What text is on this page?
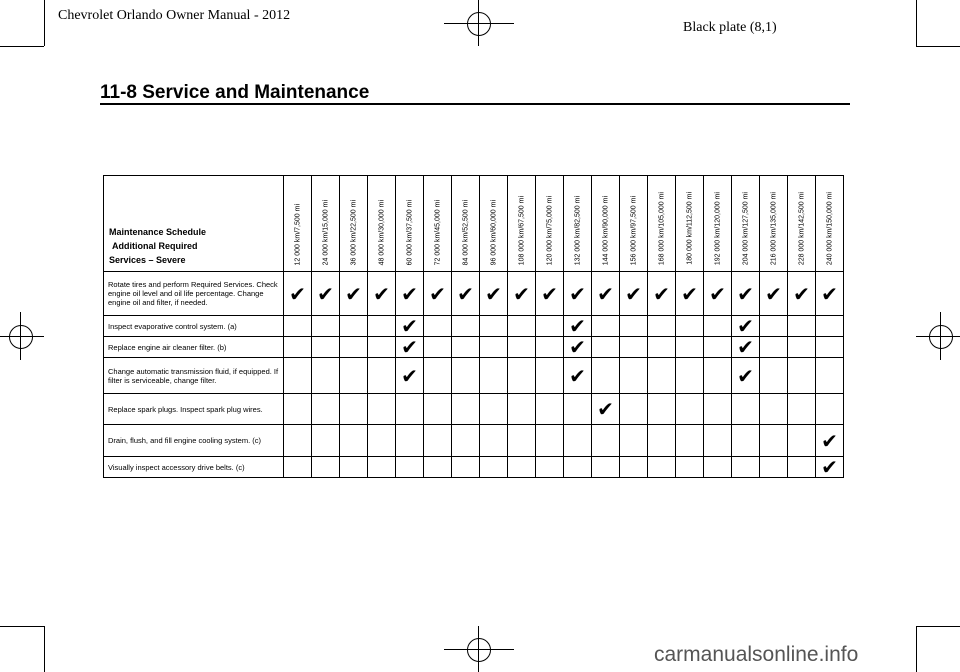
Chevrolet Orlando Owner Manual - 2012
Black plate (8,1)
11-8 Service and Maintenance
Maintenance Schedule
Additional Required
Services – Severe	12 000 km/7,500 mi	24 000 km/15,000 mi	36 000 km/22,500 mi	48 000 km/30,000 mi	60 000 km/37,500 mi	72 000 km/45,000 mi	84 000 km/52,500 mi	96 000 km/60,000 mi	108 000 km/67,500 mi	120 000 km/75,000 mi	132 000 km/82,500 mi	144 000 km/90,000 mi	156 000 km/97,500 mi	168 000 km/105,000 mi	180 000 km/112,500 mi	192 000 km/120,000 mi	204 000 km/127,500 mi	216 000 km/135,000 mi	228 000 km/142,500 mi	240 000 km/150,000 mi

Rotate tires and perform Required Services. Check engine oil level and oil life percentage. Change engine oil and filter, if needed.	✔	✔	✔	✔	✔	✔	✔	✔	✔	✔	✔	✔	✔	✔	✔	✔	✔	✔	✔	✔
Inspect evaporative control system. (a)					✔						✔						✔			
Replace engine air cleaner filter. (b)					✔						✔						✔			
Change automatic transmission fluid, if equipped. If filter is serviceable, change filter.					✔						✔						✔			
Replace spark plugs. Inspect spark plug wires.												✔								
Drain, flush, and fill engine cooling system. (c)																				✔
Visually inspect accessory drive belts. (c)																				✔
carmanualsonline.info
